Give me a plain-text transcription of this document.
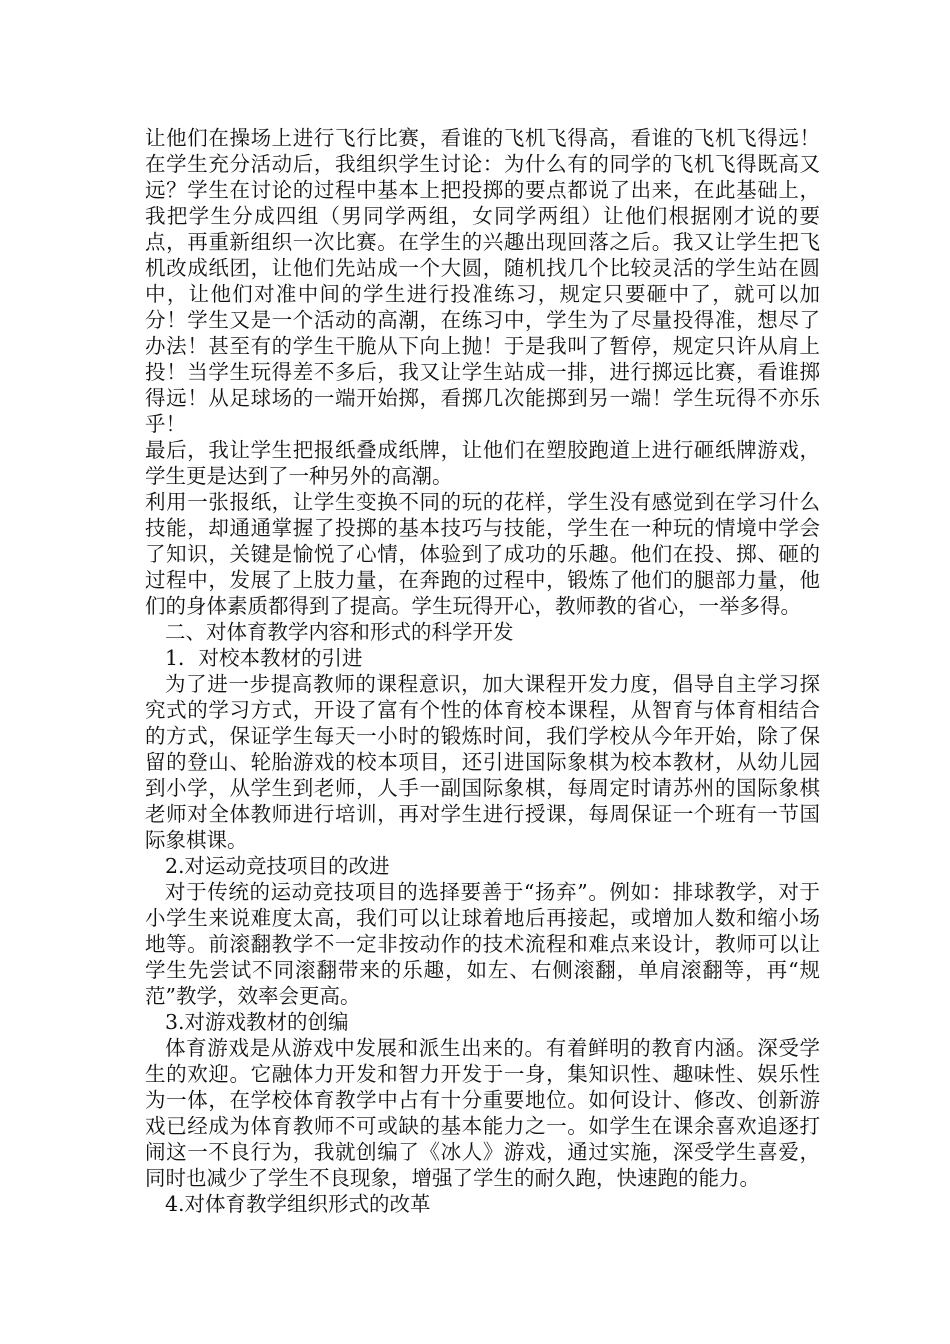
让他们在操场上进行飞行比赛，看谁的飞机飞得高，看谁的飞机飞得远！在学生充分活动后，我组织学生讨论：为什么有的同学的飞机飞得既高又远？学生在讨论的过程中基本上把投掷的要点都说了出来，在此基础上，我把学生分成四组（男同学两组，女同学两组）让他们根据刚才说的要点，再重新组织一次比赛。在学生的兴趣出现回落之后。我又让学生把飞机改成纸团，让他们先站成一个大圆，随机找几个比较灵活的学生站在圆中，让他们对准中间的学生进行投准练习，规定只要砸中了，就可以加分！学生又是一个活动的高潮，在练习中，学生为了尽量投得准，想尽了办法！甚至有的学生干脆从下向上抛！于是我叫了暂停，规定只许从肩上投！当学生玩得差不多后，我又让学生站成一排，进行掷远比赛，看谁掷得远！从足球场的一端开始掷，看掷几次能掷到另一端！学生玩得不亦乐乎！

最后，我让学生把报纸叠成纸牌，让他们在塑胶跑道上进行砸纸牌游戏，学生更是达到了一种另外的高潮。

利用一张报纸，让学生变换不同的玩的花样，学生没有感觉到在学习什么技能，却通通掌握了投掷的基本技巧与技能，学生在一种玩的情境中学会了知识，关键是愉悦了心情，体验到了成功的乐趣。他们在投、掷、砸的过程中，发展了上肢力量，在奔跑的过程中，锻炼了他们的腿部力量，他们的身体素质都得到了提高。学生玩得开心，教师教的省心，一举多得。

二、对体育教学内容和形式的科学开发

1．对校本教材的引进

为了进一步提高教师的课程意识，加大课程开发力度，倡导自主学习探究式的学习方式，开设了富有个性的体育校本课程，从智育与体育相结合的方式，保证学生每天一小时的锻炼时间，我们学校从今年开始，除了保留的登山、轮胎游戏的校本项目，还引进国际象棋为校本教材，从幼儿园到小学，从学生到老师，人手一副国际象棋，每周定时请苏州的国际象棋老师对全体教师进行培训，再对学生进行授课，每周保证一个班有一节国际象棋课。

2.对运动竞技项目的改进

对于传统的运动竞技项目的选择要善于“扬弃”。例如：排球教学，对于小学生来说难度太高，我们可以让球着地后再接起，或增加人数和缩小场地等。前滚翻教学不一定非按动作的技术流程和难点来设计，教师可以让学生先尝试不同滚翻带来的乐趣，如左、右侧滚翻，单肩滚翻等，再“规范”教学，效率会更高。

3.对游戏教材的创编

体育游戏是从游戏中发展和派生出来的。有着鲜明的教育内涵。深受学生的欢迎。它融体力开发和智力开发于一身，集知识性、趣味性、娱乐性为一体，在学校体育教学中占有十分重要地位。如何设计、修改、创新游戏已经成为体育教师不可或缺的基本能力之一。如学生在课余喜欢追逐打闹这一不良行为，我就创编了《冰人》游戏，通过实施，深受学生喜爱，同时也减少了学生不良现象，增强了学生的耐久跑，快速跑的能力。

4.对体育教学组织形式的改革
